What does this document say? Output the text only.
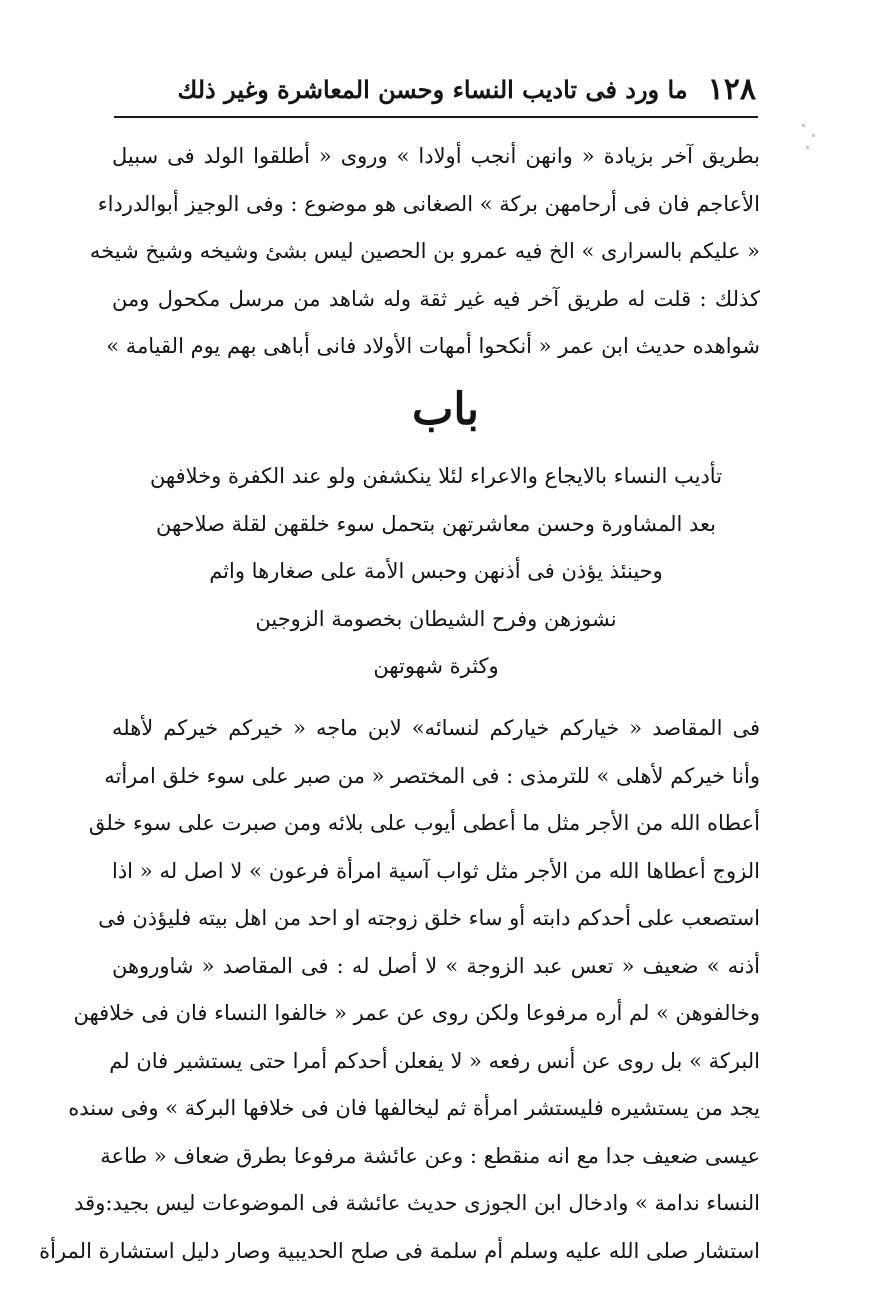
١٢٨
ما ورد فى تاديب النساء وحسن المعاشرة وغير ذلك
بطريق آخر بزيادة « وانهن أنجب أولادا » وروى « أطلقوا الولد فى سبيل
الأعاجم فان فى أرحامهن بركة » الصغانى هو موضوع : وفى الوجيز أبوالدرداء
« عليكم بالسرارى » الخ فيه عمرو بن الحصين ليس بشئ وشيخه وشيخ شيخه
كذلك : قلت له طريق آخر فيه غير ثقة وله شاهد من مرسل مكحول ومن
شواهده حديث ابن عمر « أنكحوا أمهات الأولاد فانى أباهى بهم يوم القيامة »
باب
تأديب النساء بالايجاع والاعراء لئلا ينكشفن ولو عند الكفرة وخلافهن
بعد المشاورة وحسن معاشرتهن بتحمل سوء خلقهن لقلة صلاحهن
وحينئذ يؤذن فى أذنهن وحبس الأمة على صغارها واثم
نشوزهن وفرح الشيطان بخصومة الزوجين
وكثرة شهوتهن
فى المقاصد « خياركم خياركم لنسائه» لابن ماجه « خيركم خيركم لأهله
وأنا خيركم لأهلى » للترمذى : فى المختصر « من صبر على سوء خلق امرأته
أعطاه الله من الأجر مثل ما أعطى أيوب على بلائه ومن صبرت على سوء خلق
الزوج أعطاها الله من الأجر مثل ثواب آسية امرأة فرعون » لا اصل له « اذا
استصعب على أحدكم دابته أو ساء خلق زوجته او احد من اهل بيته فليؤذن فى
أذنه » ضعيف « تعس عبد الزوجة » لا أصل له : فى المقاصد « شاوروهن
وخالفوهن » لم أره مرفوعا ولكن روى عن عمر « خالفوا النساء فان فى خلافهن
البركة » بل روى عن أنس رفعه « لا يفعلن أحدكم أمرا حتى يستشير فان لم
يجد من يستشيره فليستشر امرأة ثم ليخالفها فان فى خلافها البركة » وفى سنده
عيسى ضعيف جدا مع انه منقطع : وعن عائشة مرفوعا بطرق ضعاف « طاعة
النساء ندامة » وادخال ابن الجوزى حديث عائشة فى الموضوعات ليس بجيد:وقد
استشار صلى الله عليه وسلم أم سلمة فى صلح الحديبية وصار دليل استشارة المرأة
